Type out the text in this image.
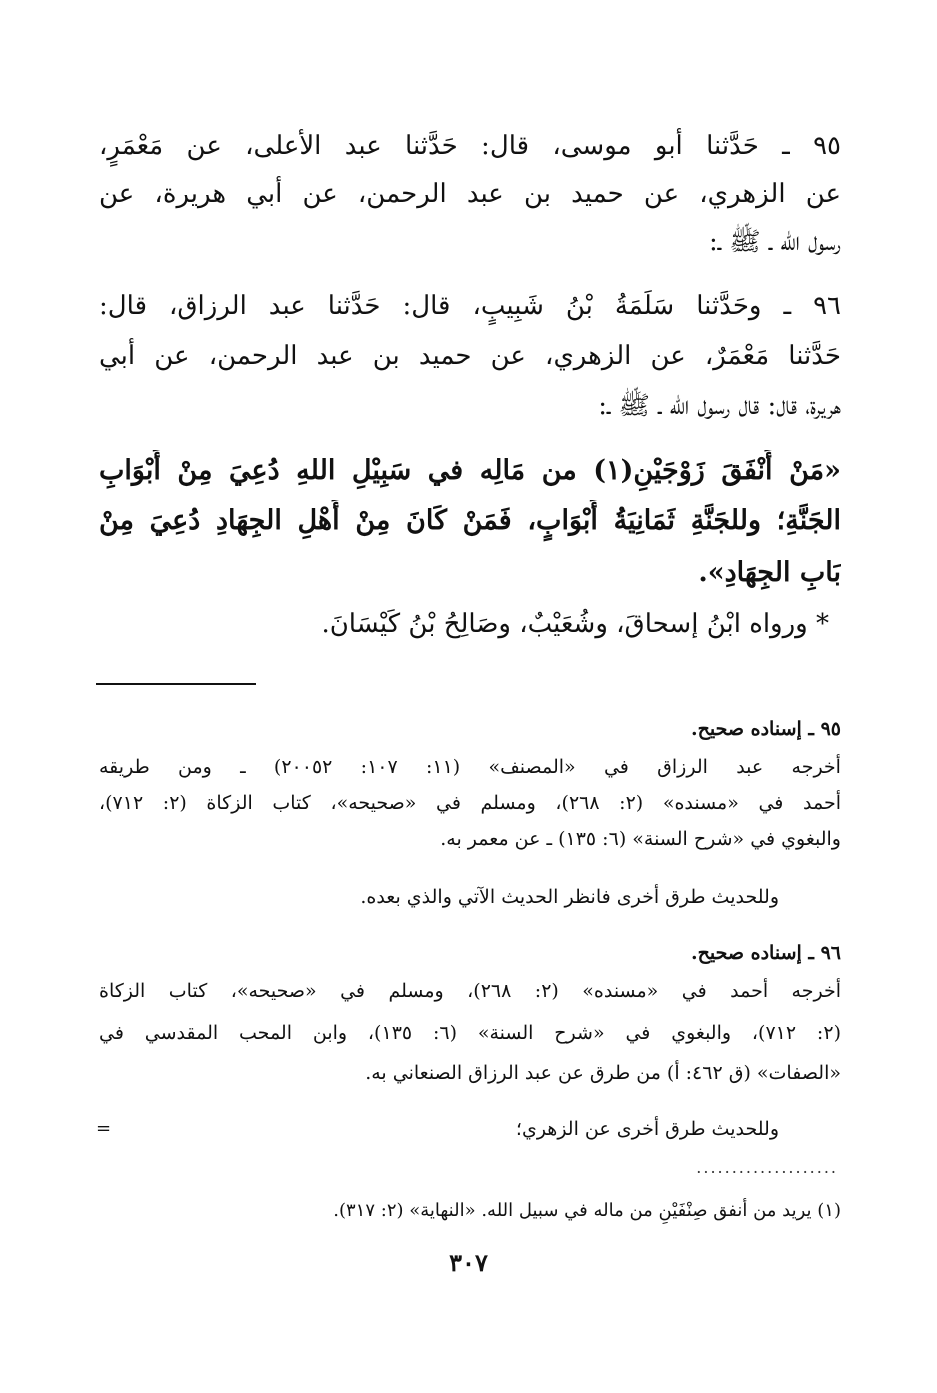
٩٥ ـ حَدَّثنا أبو موسى، قال: حَدَّثنا عبد الأعلى، عن مَعْمَرٍ،
عن الزهري، عن حميد بن عبد الرحمن، عن أبي هريرة، عن
رسول الله ـ ﷺ ـ:
٩٦ ـ وحَدَّثنا سَلَمَةُ بْنُ شَبِيبٍ، قال: حَدَّثنا عبد الرزاق، قال:
حَدَّثنا مَعْمَرٌ، عن الزهري، عن حميد بن عبد الرحمن، عن أبي
هريرة، قال: قال رسول الله ـ ﷺ ـ:
«مَنْ أَنْفَقَ زَوْجَيْنِ(١) من مَالِه في سَبِيْلِ اللهِ دُعِيَ مِنْ أَبْوَابِ
الجَنَّةِ؛ وللجَنَّةِ ثَمَانِيَةُ أَبْوَابٍ، فَمَنْ كَانَ مِنْ أَهْلِ الجِهَادِ دُعِيَ مِنْ
بَابِ الجِهَادِ».
* ورواه ابْنُ إسحاقَ، وشُعَيْبٌ، وصَالِحُ بْنُ كَيْسَانَ.
٩٥ ـ إسناده صحيح.
أخرجه عبد الرزاق في «المصنف» (١١: ١٠٧: ٢٠٠٥٢) ـ ومن طريقه
أحمد في «مسنده» (٢: ٢٦٨)، ومسلم في «صحيحه»، كتاب الزكاة (٢: ٧١٢)،
والبغوي في «شرح السنة» (٦: ١٣٥) ـ عن معمر به.
وللحديث طرق أخرى فانظر الحديث الآتي والذي بعده.
٩٦ ـ إسناده صحيح.
أخرجه أحمد في «مسنده» (٢: ٢٦٨)، ومسلم في «صحيحه»، كتاب الزكاة
(٢: ٧١٢)، والبغوي في «شرح السنة» (٦: ١٣٥)، وابن المحب المقدسي في
«الصفات» (ق ٤٦٢: أ) من طرق عن عبد الرزاق الصنعاني به.
وللحديث طرق أخرى عن الزهري؛
=
....................
(١) يريد من أنفق صِنْفَيْنِ من ماله في سبيل الله. «النهاية» (٢: ٣١٧).
٣٠٧
